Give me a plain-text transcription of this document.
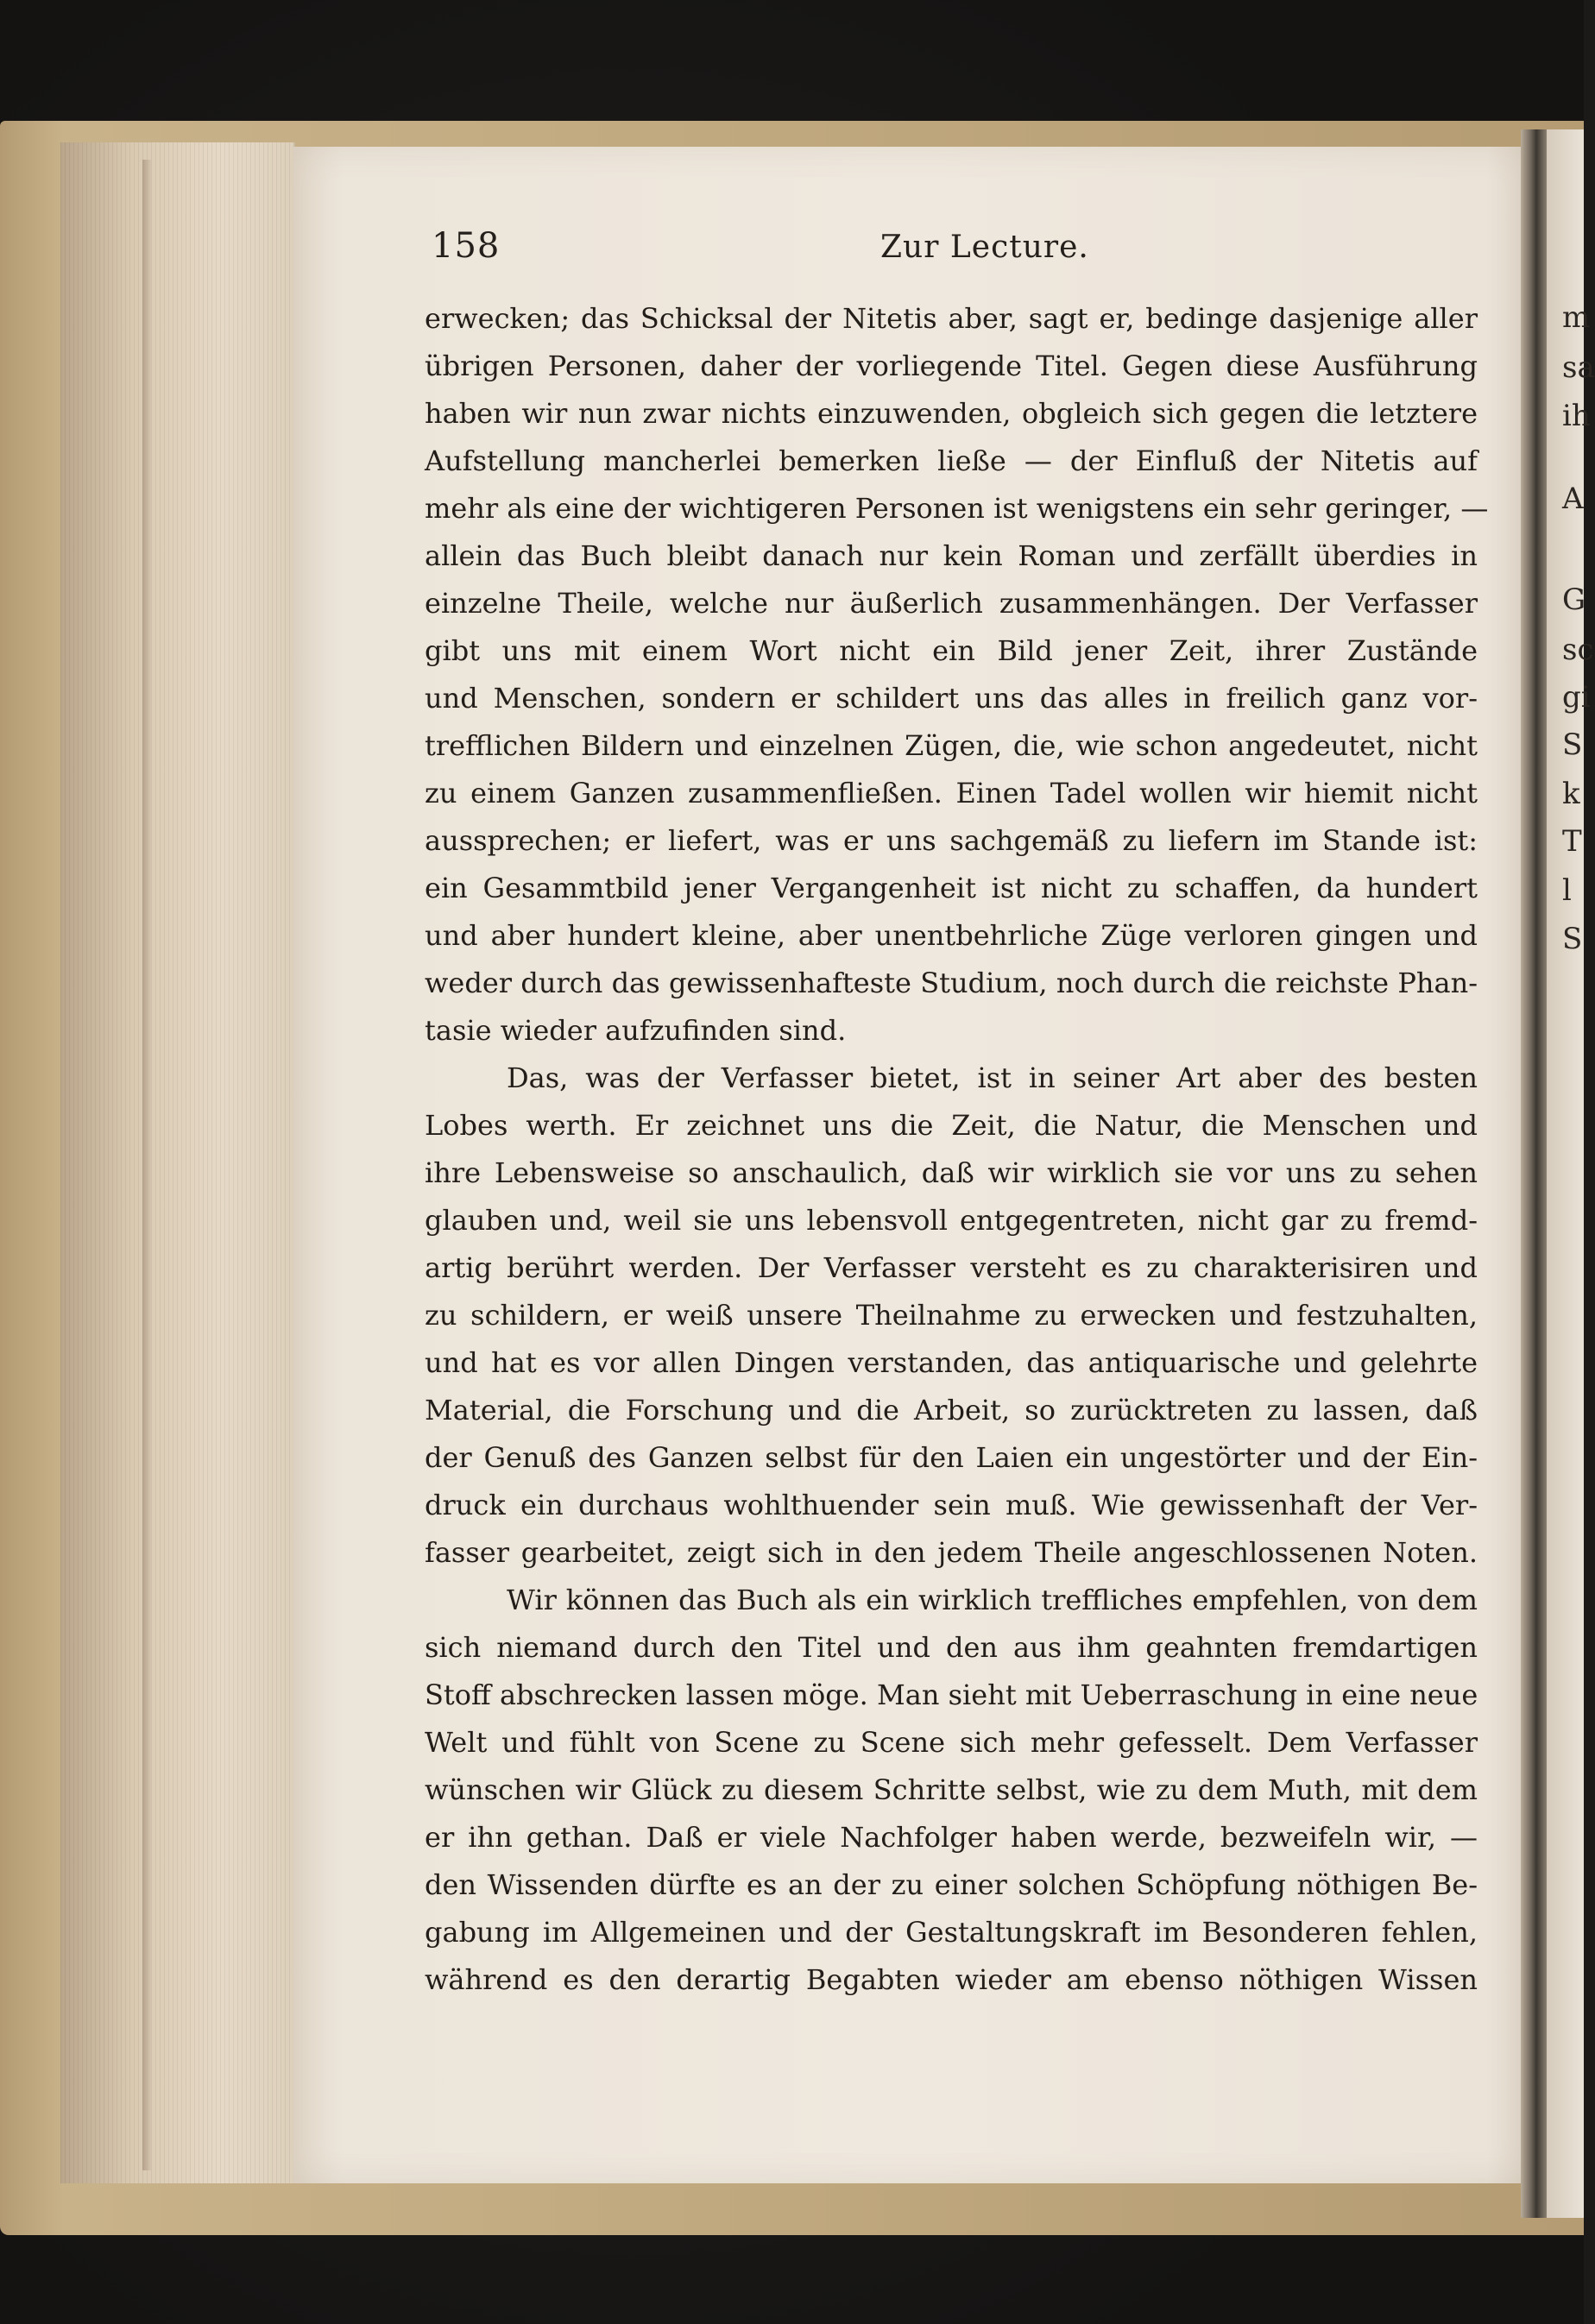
158	Zur Lecture.
erwecken; das Schicksal der Nitetis aber, sagt er, bedinge dasjenige aller
übrigen Personen, daher der vorliegende Titel. Gegen diese Ausführung
haben wir nun zwar nichts einzuwenden, obgleich sich gegen die letztere
Aufstellung mancherlei bemerken ließe — der Einfluß der Nitetis auf
mehr als eine der wichtigeren Personen ist wenigstens ein sehr geringer, —
allein das Buch bleibt danach nur kein Roman und zerfällt überdies in
einzelne Theile, welche nur äußerlich zusammenhängen. Der Verfasser
gibt uns mit einem Wort nicht ein Bild jener Zeit, ihrer Zustände
und Menschen, sondern er schildert uns das alles in freilich ganz vor-
trefflichen Bildern und einzelnen Zügen, die, wie schon angedeutet, nicht
zu einem Ganzen zusammenfließen. Einen Tadel wollen wir hiemit nicht
aussprechen; er liefert, was er uns sachgemäß zu liefern im Stande ist:
ein Gesammtbild jener Vergangenheit ist nicht zu schaffen, da hundert
und aber hundert kleine, aber unentbehrliche Züge verloren gingen und
weder durch das gewissenhafteste Studium, noch durch die reichste Phan-
tasie wieder aufzufinden sind.
Das, was der Verfasser bietet, ist in seiner Art aber des besten
Lobes werth. Er zeichnet uns die Zeit, die Natur, die Menschen und
ihre Lebensweise so anschaulich, daß wir wirklich sie vor uns zu sehen
glauben und, weil sie uns lebensvoll entgegentreten, nicht gar zu fremd-
artig berührt werden. Der Verfasser versteht es zu charakterisiren und
zu schildern, er weiß unsere Theilnahme zu erwecken und festzuhalten,
und hat es vor allen Dingen verstanden, das antiquarische und gelehrte
Material, die Forschung und die Arbeit, so zurücktreten zu lassen, daß
der Genuß des Ganzen selbst für den Laien ein ungestörter und der Ein-
druck ein durchaus wohlthuender sein muß. Wie gewissenhaft der Ver-
fasser gearbeitet, zeigt sich in den jedem Theile angeschlossenen Noten.
Wir können das Buch als ein wirklich treffliches empfehlen, von dem
sich niemand durch den Titel und den aus ihm geahnten fremdartigen
Stoff abschrecken lassen möge. Man sieht mit Ueberraschung in eine neue
Welt und fühlt von Scene zu Scene sich mehr gefesselt. Dem Verfasser
wünschen wir Glück zu diesem Schritte selbst, wie zu dem Muth, mit dem
er ihn gethan. Daß er viele Nachfolger haben werde, bezweifeln wir, —
den Wissenden dürfte es an der zu einer solchen Schöpfung nöthigen Be-
gabung im Allgemeinen und der Gestaltungskraft im Besonderen fehlen,
während es den derartig Begabten wieder am ebenso nöthigen Wissen
m
sa
ih
A
G
sc
gi
S
k
T
l
S
